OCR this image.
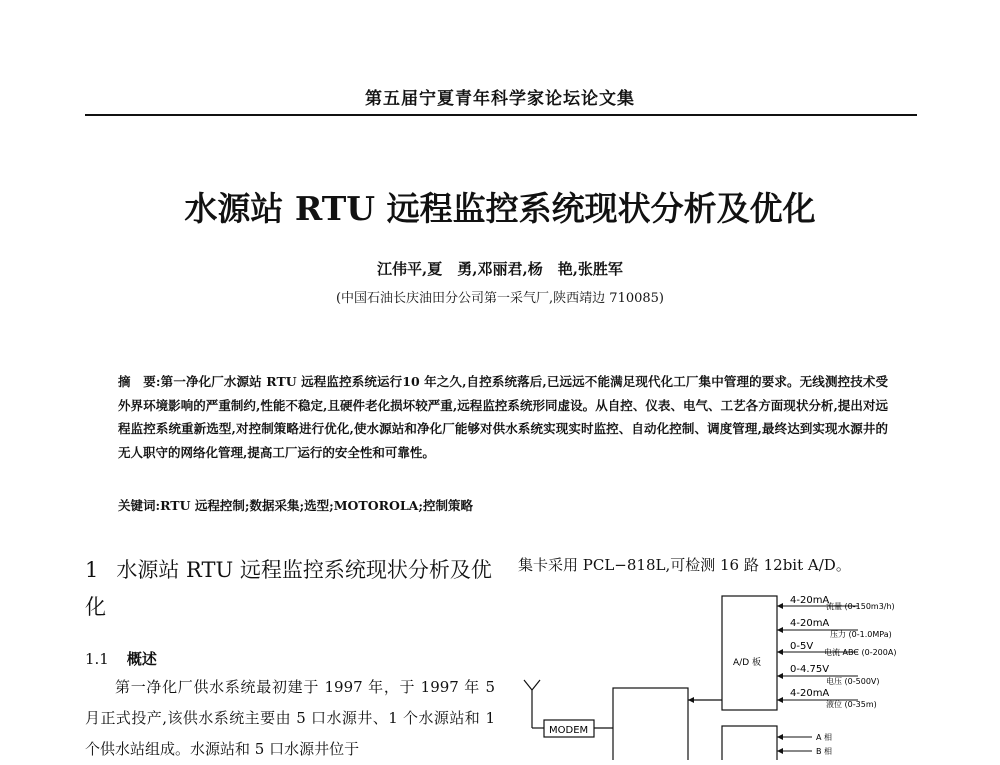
第五届宁夏青年科学家论坛论文集
水源站 RTU 远程监控系统现状分析及优化
江伟平,夏　勇,邓丽君,杨　艳,张胜军
(中国石油长庆油田分公司第一采气厂,陕西靖边 710085)
摘　要:第一净化厂水源站 RTU 远程监控系统运行10 年之久,自控系统落后,已远远不能满足现代化工厂集中管理的要求。无线测控技术受外界环境影响的严重制约,性能不稳定,且硬件老化损坏较严重,远程监控系统形同虚设。从自控、仪表、电气、工艺各方面现状分析,提出对远程监控系统重新选型,对控制策略进行优化,使水源站和净化厂能够对供水系统实现实时监控、自动化控制、调度管理,最终达到实现水源井的无人职守的网络化管理,提高工厂运行的安全性和可靠性。
关键词:RTU 远程控制;数据采集;选型;MOTOROLA;控制策略
1 水源站 RTU 远程监控系统现状分析及优化
1.1 概述

第一净化厂供水系统最初建于 1997 年，于 1997 年 5 月正式投产,该供水系统主要由 5 口水源井、1 个水源站和 1 个供水站组成。水源站和 5 口水源井位于

集卡采用 PCL−818L,可检测 16 路 12bit A/D。
MODEM
A/D 板
4-20mA
流量 (0-150m3/h)
4-20mA
压力 (0-1.0MPa)
0-5V
电流 ABC (0-200A)
0-4.75V
电压 (0-500V)
4-20mA
液位 (0-35m)
A 相
B 相
